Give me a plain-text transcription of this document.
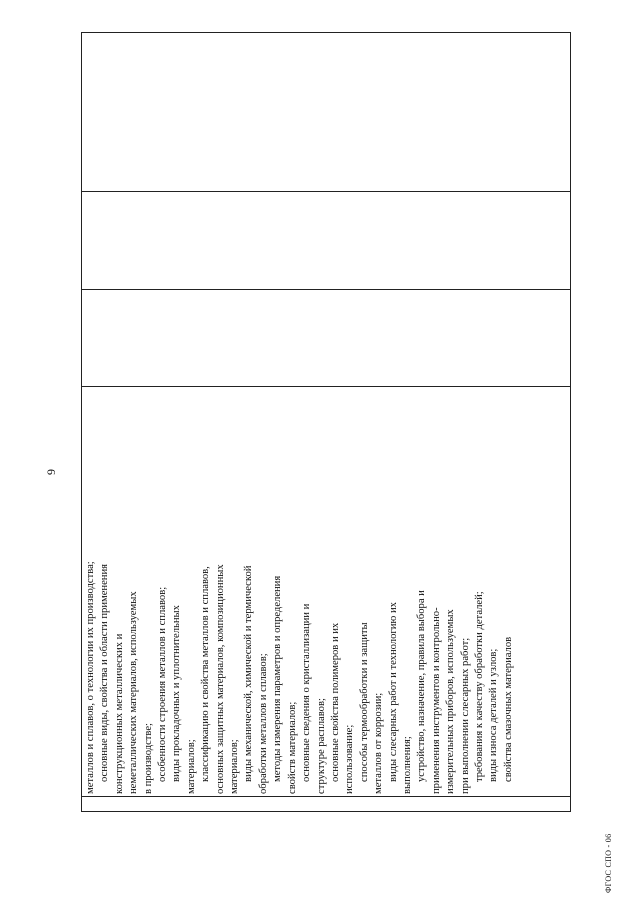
9
металлов и сплавов, о технологии их производства; основные виды, свойства и области применения конструкционных металлических и неметаллических материалов, используемых в производстве; особенности строения металлов и сплавов; виды прокладочных и уплотнительных материалов; классификацию и свойства металлов и сплавов, основных защитных материалов, композиционных материалов; виды механической, химической и термической обработки металлов и сплавов; методы измерения параметров и определения свойств материалов; основные сведения о кристаллизации и структуре расплавов; основные свойства полимеров и их использование; способы термообработки и защиты металлов от коррозии; виды слесарных работ и технологию их выполнения; устройство, назначение, правила выбора и применения инструментов и контрольно- измерительных приборов, используемых при выполнении слесарных работ; требования к качеству обработки деталей; виды износа деталей и узлов; свойства смазочных материалов
ФГОС СПО - 06
